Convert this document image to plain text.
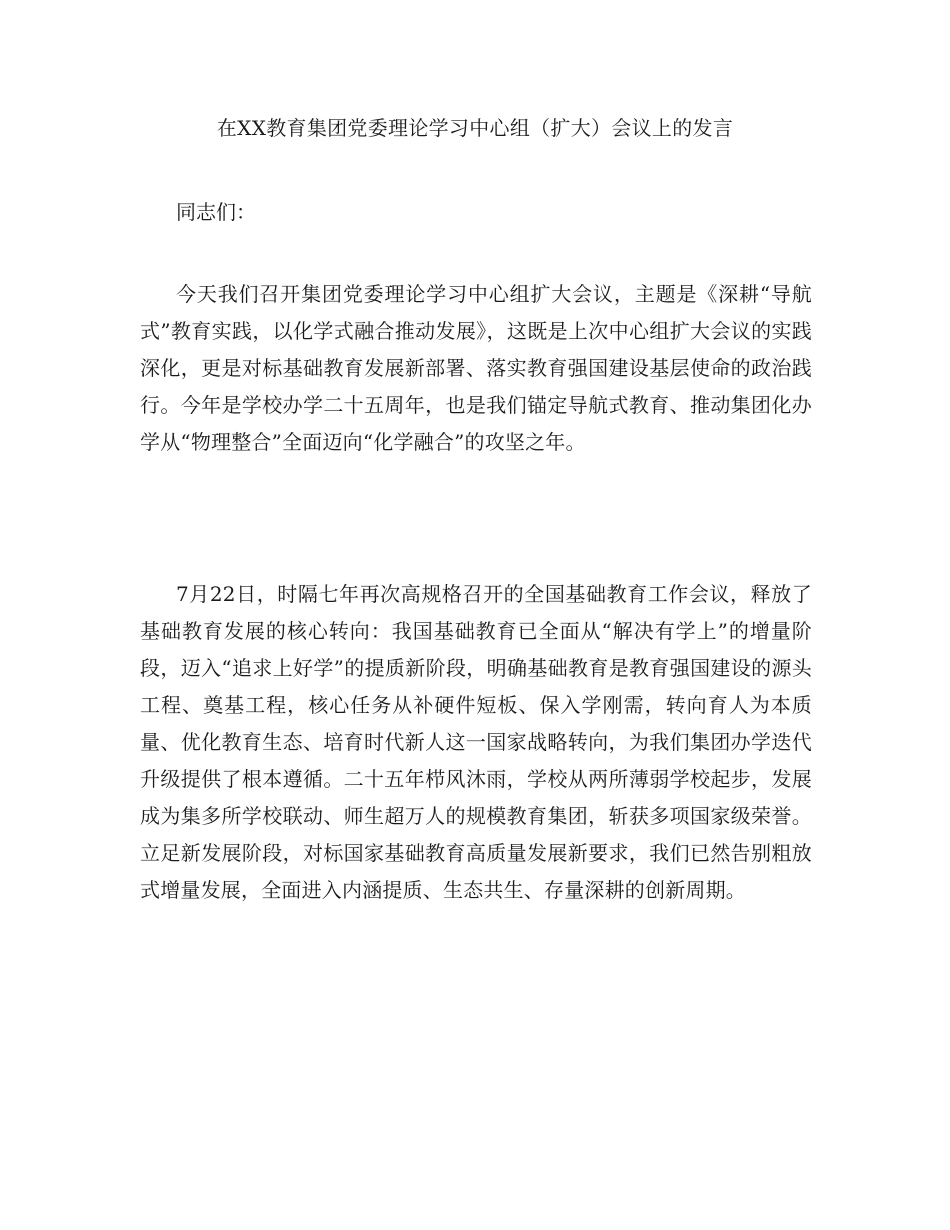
在XX教育集团党委理论学习中心组（扩大）会议上的发言
同志们：
今天我们召开集团党委理论学习中心组扩大会议，主题是《深耕“导航式”教育实践，以化学式融合推动发展》，这既是上次中心组扩大会议的实践深化，更是对标基础教育发展新部署、落实教育强国建设基层使命的政治践行。今年是学校办学二十五周年，也是我们锚定导航式教育、推动集团化办学从“物理整合”全面迈向“化学融合”的攻坚之年。
7月22日，时隔七年再次高规格召开的全国基础教育工作会议，释放了基础教育发展的核心转向：我国基础教育已全面从“解决有学上”的增量阶段，迈入“追求上好学”的提质新阶段，明确基础教育是教育强国建设的源头工程、奠基工程，核心任务从补硬件短板、保入学刚需，转向育人为本质量、优化教育生态、培育时代新人这一国家战略转向，为我们集团办学迭代升级提供了根本遵循。二十五年栉风沐雨，学校从两所薄弱学校起步，发展成为集多所学校联动、师生超万人的规模教育集团，斩获多项国家级荣誉。立足新发展阶段，对标国家基础教育高质量发展新要求，我们已然告别粗放式增量发展，全面进入内涵提质、生态共生、存量深耕的创新周期。
